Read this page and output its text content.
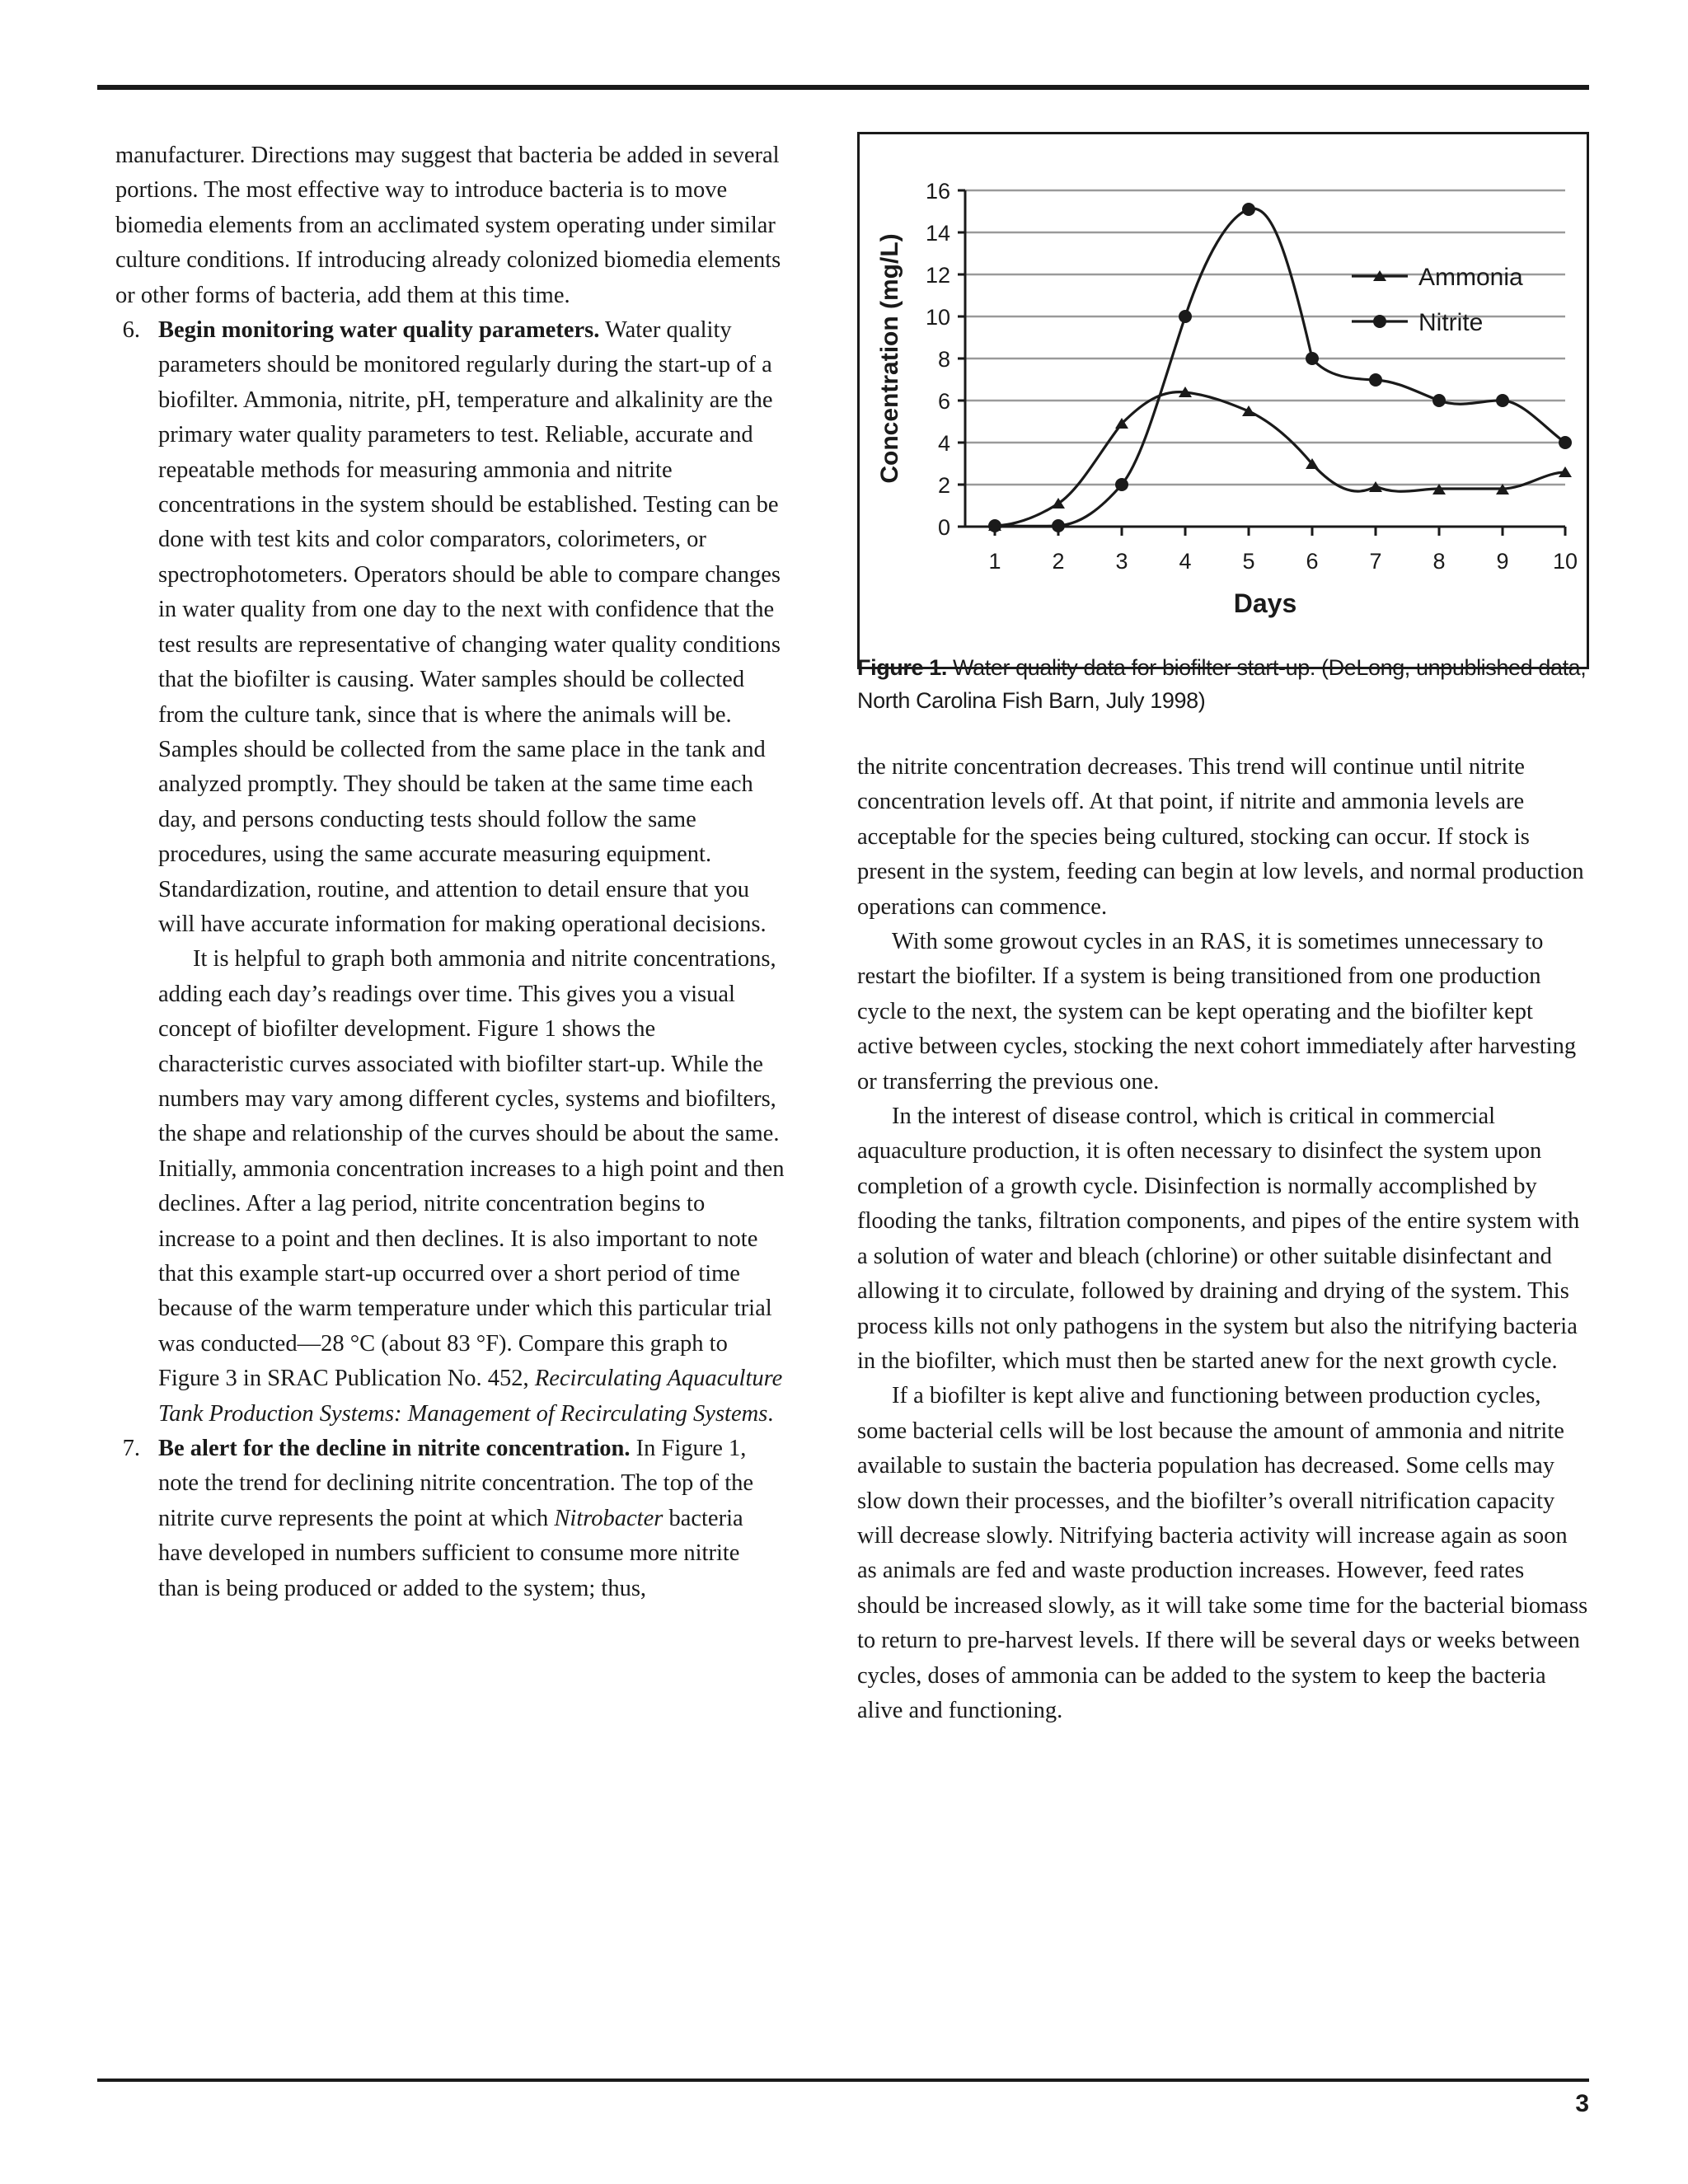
manufacturer. Directions may suggest that bacteria be added in several portions. The most effective way to introduce bacteria is to move biomedia elements from an acclimated system operating under similar culture conditions. If introducing already colonized biomedia elements or other forms of bacteria, add them at this time.

6. Begin monitoring water quality parameters. Water quality parameters should be monitored regularly during the start-up of a biofilter. Ammonia, nitrite, pH, temperature and alkalinity are the primary water quality parameters to test. Reliable, accurate and repeatable methods for measuring ammonia and nitrite concentrations in the system should be established. Testing can be done with test kits and color comparators, colorimeters, or spectrophotometers. Operators should be able to compare changes in water quality from one day to the next with confidence that the test results are representative of changing water quality conditions that the biofilter is causing. Water samples should be collected from the culture tank, since that is where the animals will be. Samples should be collected from the same place in the tank and analyzed promptly. They should be taken at the same time each day, and persons conducting tests should follow the same procedures, using the same accurate measuring equipment. Standardization, routine, and attention to detail ensure that you will have accurate information for making operational decisions.

It is helpful to graph both ammonia and nitrite concentrations, adding each day’s readings over time. This gives you a visual concept of biofilter development. Figure 1 shows the characteristic curves associated with biofilter start-up. While the numbers may vary among different cycles, systems and biofilters, the shape and relationship of the curves should be about the same. Initially, ammonia concentration increases to a high point and then declines. After a lag period, nitrite concentration begins to increase to a point and then declines. It is also important to note that this example start-up occurred over a short period of time because of the warm temperature under which this particular trial was conducted—28 °C (about 83 °F). Compare this graph to Figure 3 in SRAC Publication No. 452, Recirculating Aquaculture Tank Production Systems: Management of Recirculating Systems.

7. Be alert for the decline in nitrite concentration. In Figure 1, note the trend for declining nitrite concentration. The top of the nitrite curve represents the point at which Nitrobacter bacteria have developed in numbers sufficient to consume more nitrite than is being produced or added to the system; thus,

16
14
12
10
8
6
4
2
0
1 2 3 4 5 6 7 8 9 10
Concentration (mg/L)
Days
Ammonia
Nitrite
Figure 1. Water quality data for biofilter start-up. (DeLong, unpublished data, North Carolina Fish Barn, July 1998)

the nitrite concentration decreases. This trend will continue until nitrite concentration levels off. At that point, if nitrite and ammonia levels are acceptable for the species being cultured, stocking can occur. If stock is present in the system, feeding can begin at low levels, and normal production operations can commence.

With some growout cycles in an RAS, it is sometimes unnecessary to restart the biofilter. If a system is being transitioned from one production cycle to the next, the system can be kept operating and the biofilter kept active between cycles, stocking the next cohort immediately after harvesting or transferring the previous one.

In the interest of disease control, which is critical in commercial aquaculture production, it is often necessary to disinfect the system upon completion of a growth cycle. Disinfection is normally accomplished by flooding the tanks, filtration components, and pipes of the entire system with a solution of water and bleach (chlorine) or other suitable disinfectant and allowing it to circulate, followed by draining and drying of the system. This process kills not only pathogens in the system but also the nitrifying bacteria in the biofilter, which must then be started anew for the next growth cycle.

If a biofilter is kept alive and functioning between production cycles, some bacterial cells will be lost because the amount of ammonia and nitrite available to sustain the bacteria population has decreased. Some cells may slow down their processes, and the biofilter’s overall nitrification capacity will decrease slowly. Nitrifying bacteria activity will increase again as soon as animals are fed and waste production increases. However, feed rates should be increased slowly, as it will take some time for the bacterial biomass to return to pre-harvest levels. If there will be several days or weeks between cycles, doses of ammonia can be added to the system to keep the bacteria alive and functioning.

3
